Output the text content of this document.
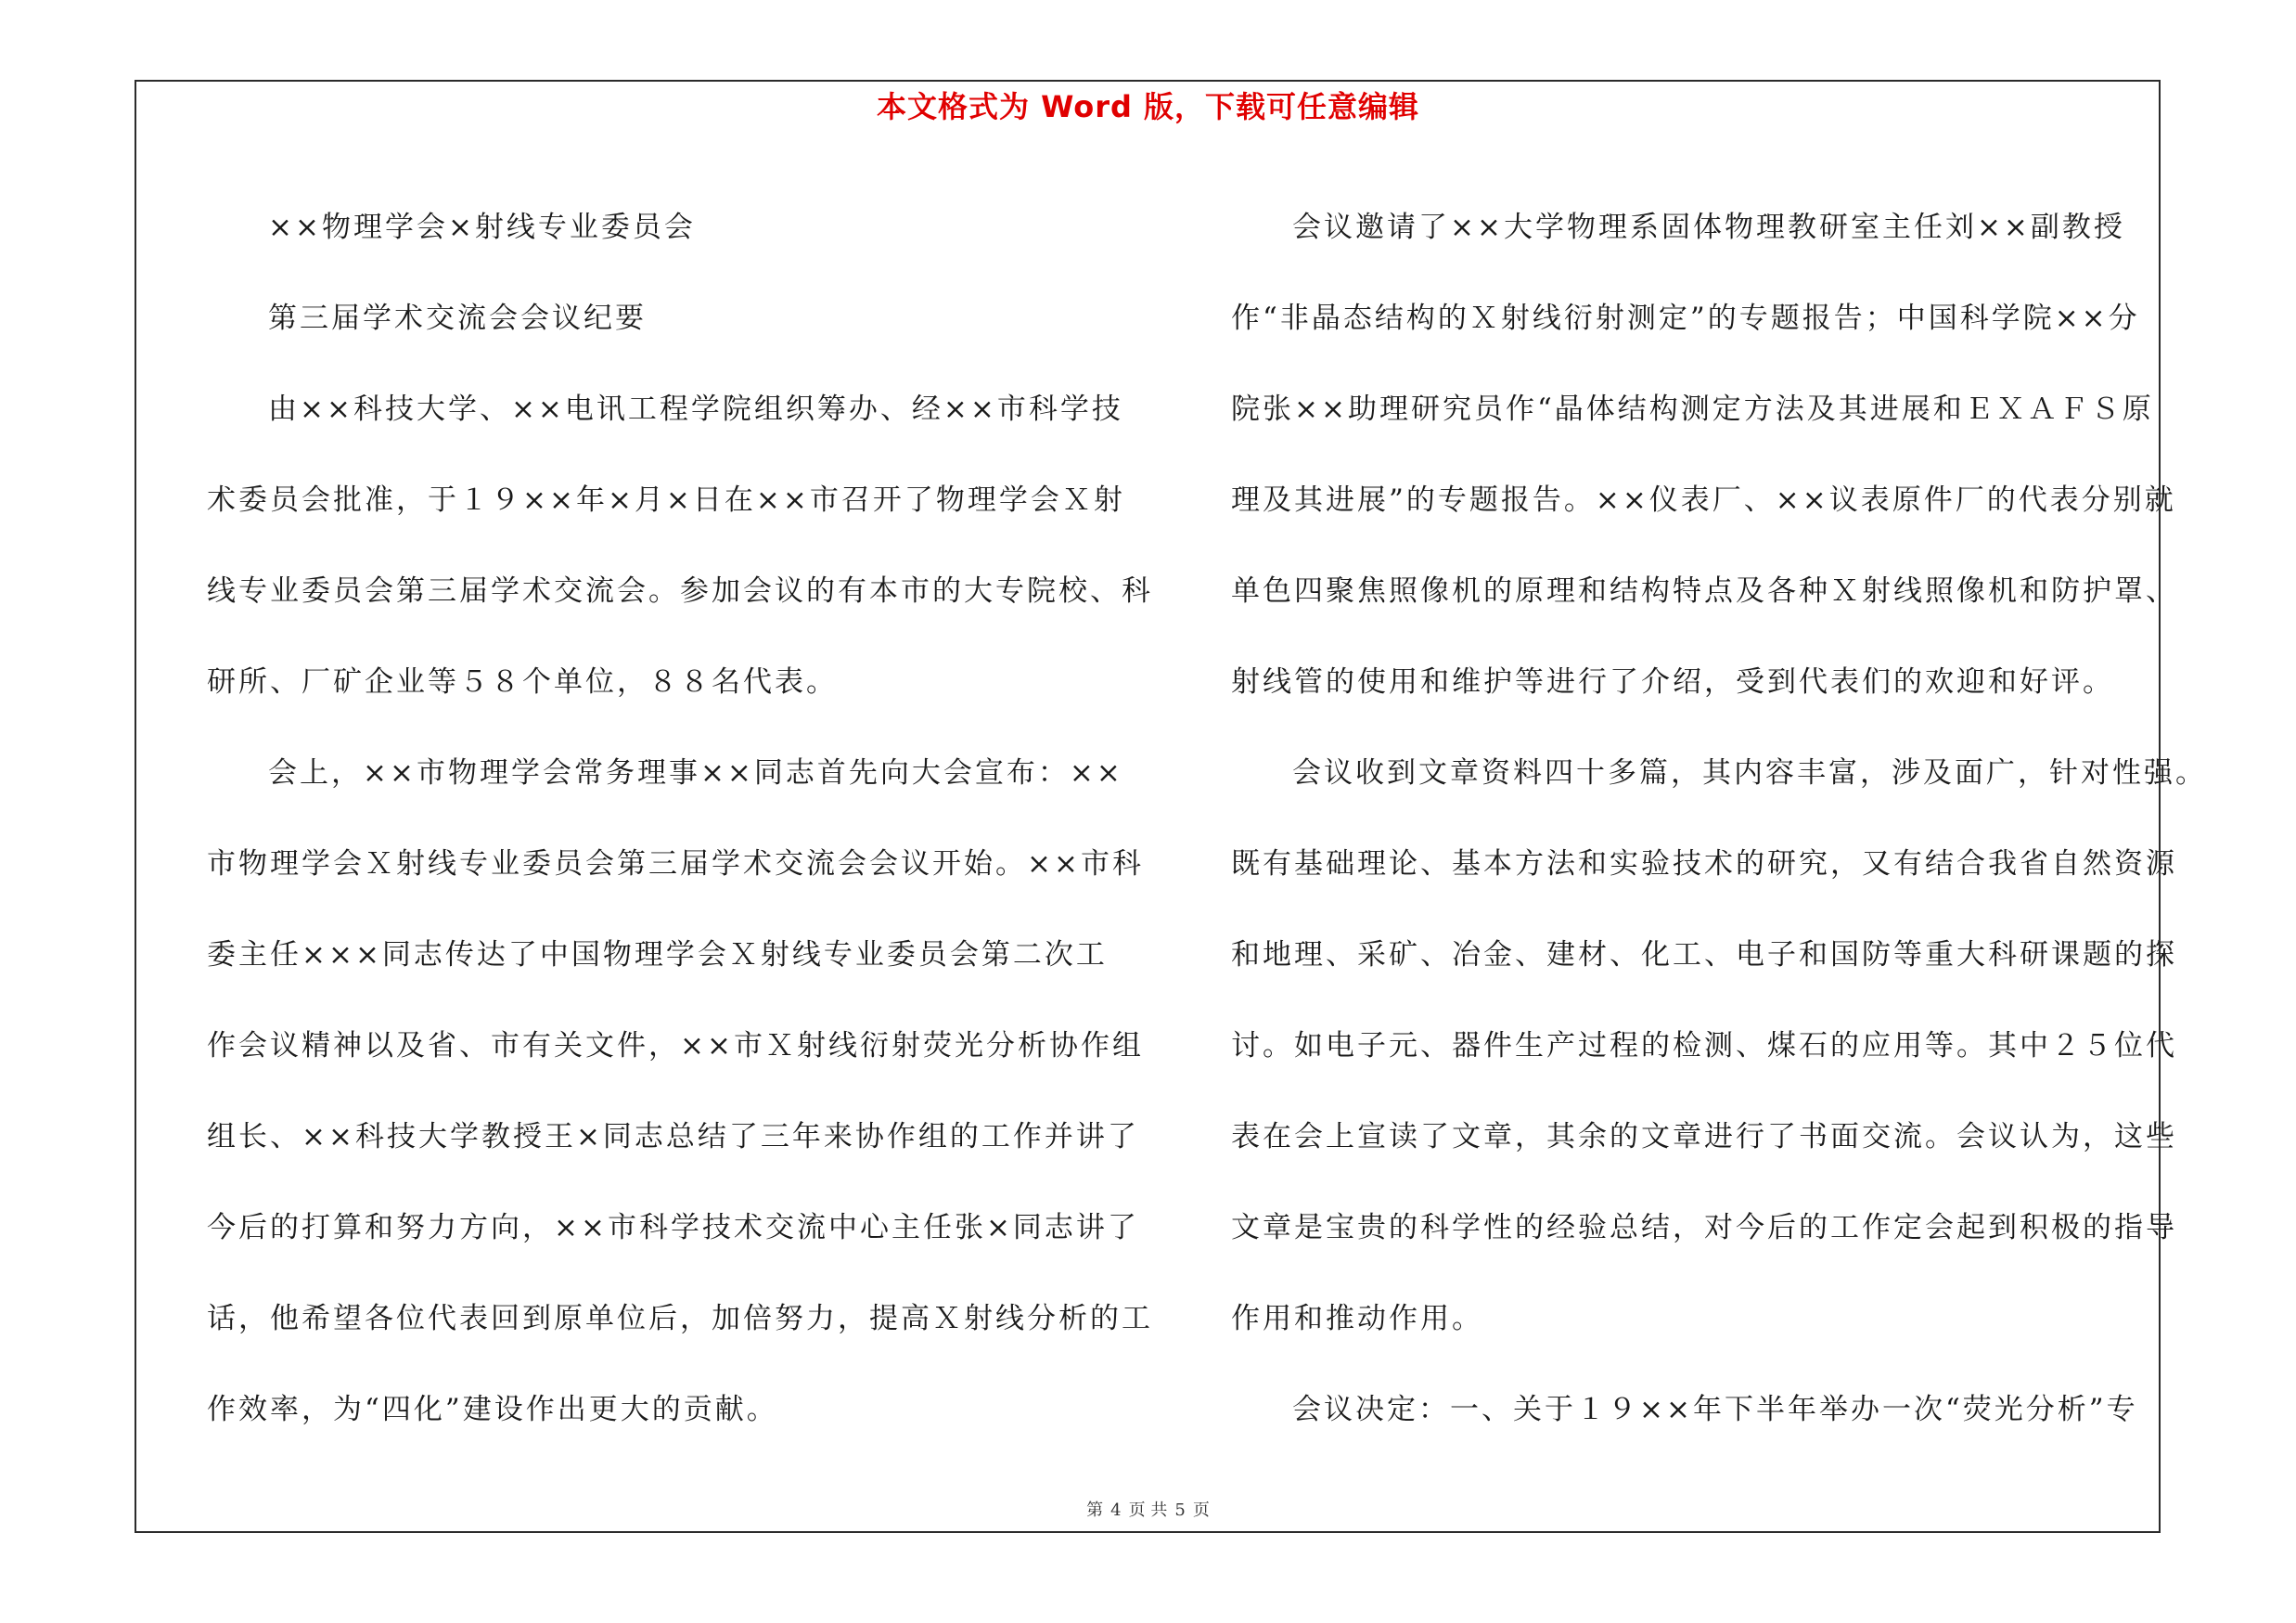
本文格式为 Word 版，下载可任意编辑
××物理学会×射线专业委员会
第三届学术交流会会议纪要
由××科技大学、××电讯工程学院组织筹办、经××市科学技
术委员会批准，于１９××年×月×日在××市召开了物理学会Ｘ射
线专业委员会第三届学术交流会。参加会议的有本市的大专院校、科
研所、厂矿企业等５８个单位，８８名代表。
会上，××市物理学会常务理事××同志首先向大会宣布：××
市物理学会Ｘ射线专业委员会第三届学术交流会会议开始。××市科
委主任×××同志传达了中国物理学会Ｘ射线专业委员会第二次工
作会议精神以及省、市有关文件，××市Ｘ射线衍射荧光分析协作组
组长、××科技大学教授王×同志总结了三年来协作组的工作并讲了
今后的打算和努力方向，××市科学技术交流中心主任张×同志讲了
话，他希望各位代表回到原单位后，加倍努力，提高Ｘ射线分析的工
作效率，为“四化”建设作出更大的贡献。
会议邀请了××大学物理系固体物理教研室主任刘××副教授
作“非晶态结构的Ｘ射线衍射测定”的专题报告；中国科学院××分
院张××助理研究员作“晶体结构测定方法及其进展和ＥＸＡＦＳ原
理及其进展”的专题报告。××仪表厂、××议表原件厂的代表分别就
单色四聚焦照像机的原理和结构特点及各种Ｘ射线照像机和防护罩、
射线管的使用和维护等进行了介绍，受到代表们的欢迎和好评。
会议收到文章资料四十多篇，其内容丰富，涉及面广，针对性强。
既有基础理论、基本方法和实验技术的研究，又有结合我省自然资源
和地理、采矿、冶金、建材、化工、电子和国防等重大科研课题的探
讨。如电子元、器件生产过程的检测、煤石的应用等。其中２５位代
表在会上宣读了文章，其余的文章进行了书面交流。会议认为，这些
文章是宝贵的科学性的经验总结，对今后的工作定会起到积极的指导
作用和推动作用。
会议决定：一、关于１９××年下半年举办一次“荧光分析”专
第 4 页 共 5 页
